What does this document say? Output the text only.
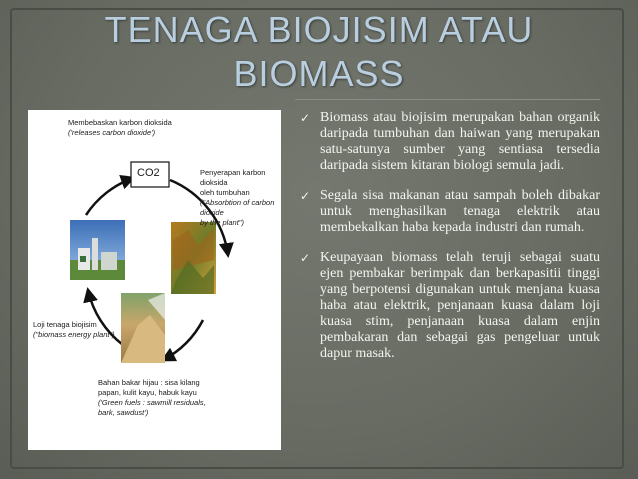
TENAGA BIOJISIM ATAU
BIOMASS
Membebaskan karbon dioksida
('releases carbon dioxide')
CO2	Penyerapan karbon dioksida
oleh tumbuhan
("Absorbtion of carbon dioxide
by the plant")
Loji tenaga biojisim
("biomass energy plant")
Bahan bakar hijau : sisa kilang
papan, kulit kayu, habuk kayu
('Green fuels : sawmill residuals,
bark, sawdust')
✓ Biomass atau biojisim merupakan bahan organik daripada tumbuhan dan haiwan yang merupakan satu-satunya sumber yang sentiasa tersedia daripada sistem kitaran biologi semula jadi.
✓ Segala sisa makanan atau sampah boleh dibakar untuk menghasilkan tenaga elektrik atau membekalkan haba kepada industri dan rumah.
✓ Keupayaan biomass telah teruji sebagai suatu ejen pembakar berimpak dan berkapasitii tinggi yang berpotensi digunakan untuk menjana kuasa haba atau elektrik, penjanaan kuasa dalam loji kuasa stim, penjanaan kuasa dalam enjin pembakaran dan sebagai gas pengeluar untuk dapur masak.
